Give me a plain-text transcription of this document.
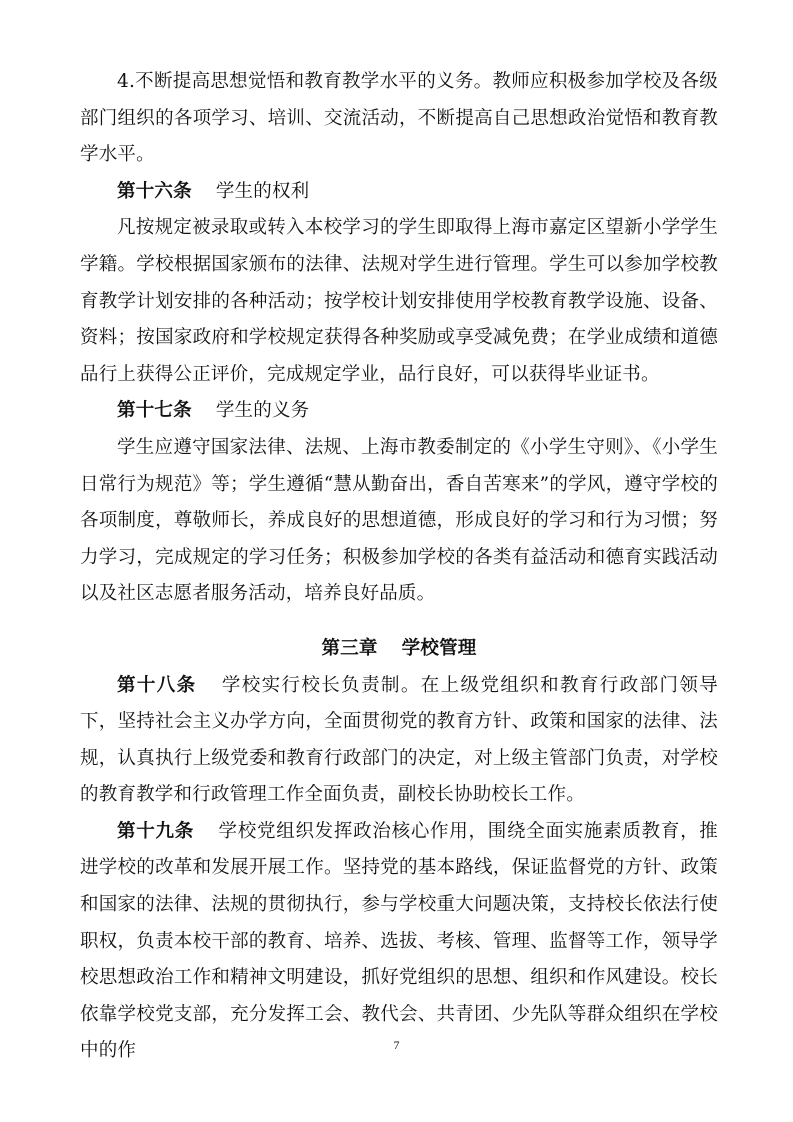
4.不断提高思想觉悟和教育教学水平的义务。教师应积极参加学校及各级部门组织的各项学习、培训、交流活动，不断提高自己思想政治觉悟和教育教学水平。

第十六条 学生的权利

凡按规定被录取或转入本校学习的学生即取得上海市嘉定区望新小学学生学籍。学校根据国家颁布的法律、法规对学生进行管理。学生可以参加学校教育教学计划安排的各种活动；按学校计划安排使用学校教育教学设施、设备、资料；按国家政府和学校规定获得各种奖励或享受减免费；在学业成绩和道德品行上获得公正评价，完成规定学业，品行良好，可以获得毕业证书。

第十七条 学生的义务

学生应遵守国家法律、法规、上海市教委制定的《小学生守则》、《小学生日常行为规范》等；学生遵循“慧从勤奋出，香自苦寒来”的学风，遵守学校的各项制度，尊敬师长，养成良好的思想道德，形成良好的学习和行为习惯；努力学习，完成规定的学习任务；积极参加学校的各类有益活动和德育实践活动以及社区志愿者服务活动，培养良好品质。

第三章 学校管理

第十八条 学校实行校长负责制。在上级党组织和教育行政部门领导下，坚持社会主义办学方向，全面贯彻党的教育方针、政策和国家的法律、法规，认真执行上级党委和教育行政部门的决定，对上级主管部门负责，对学校的教育教学和行政管理工作全面负责，副校长协助校长工作。

第十九条 学校党组织发挥政治核心作用，围绕全面实施素质教育，推进学校的改革和发展开展工作。坚持党的基本路线，保证监督党的方针、政策和国家的法律、法规的贯彻执行，参与学校重大问题决策，支持校长依法行使职权，负责本校干部的教育、培养、选拔、考核、管理、监督等工作，领导学校思想政治工作和精神文明建设，抓好党组织的思想、组织和作风建设。校长依靠学校党支部，充分发挥工会、教代会、共青团、少先队等群众组织在学校中的作	7
